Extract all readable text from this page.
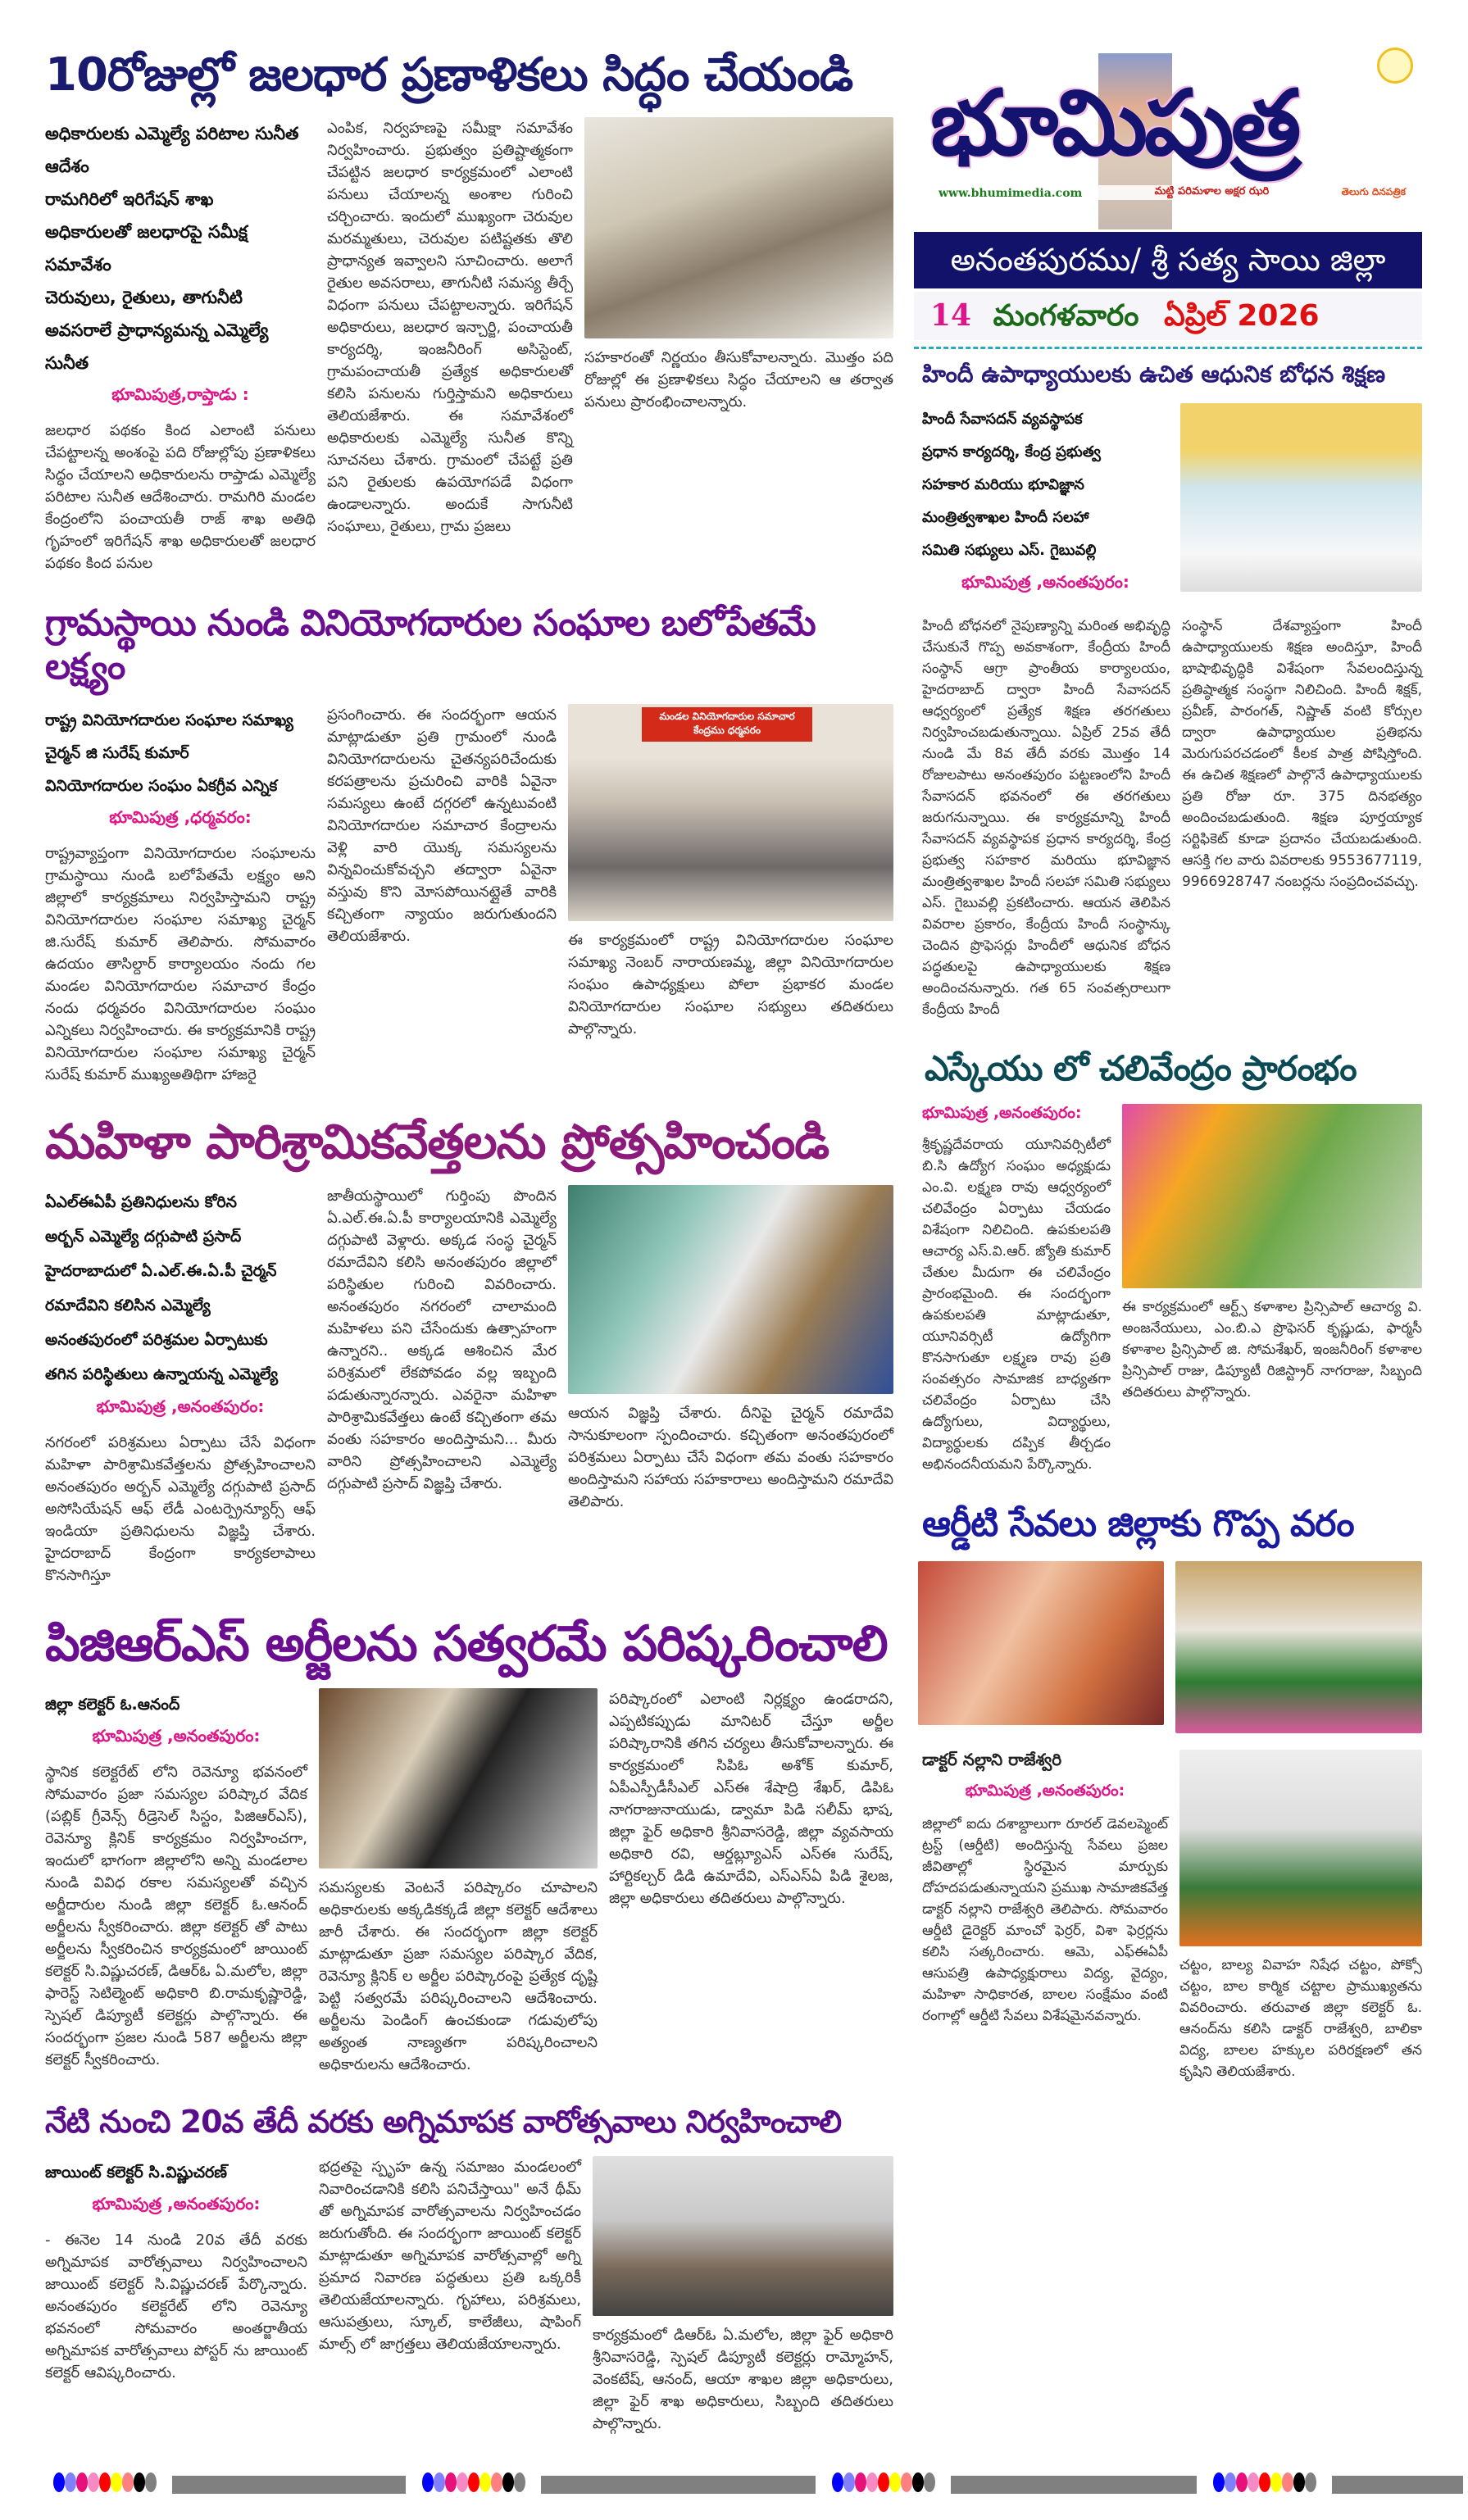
10రోజుల్లో జలధార ప్రణాళికలు సిద్ధం చేయండి
అధికారులకు ఎమ్మెల్యే పరిటాల సునీత ఆదేశం
రామగిరిలో ఇరిగేషన్ శాఖ
అధికారులతో జలధారపై సమీక్ష సమావేశం
చెరువులు, రైతులు, తాగునీటి
అవసరాలే ప్రాధాన్యమన్న ఎమ్మెల్యే సునీత
భూమిపుత్ర,రాప్తాడు :
జలధార పథకం కింద ఎలాంటి పనులు చేపట్టాలన్న అంశంపై పది రోజుల్లోపు ప్రణాళికలు సిద్ధం చేయాలని అధికారులను రాప్తాడు ఎమ్మెల్యే పరిటాల సునీత ఆదేశించారు. రామగిరి మండల కేంద్రంలోని పంచాయతీ రాజ్ శాఖ అతిథి గృహంలో ఇరిగేషన్ శాఖ అధికారులతో జలధార పథకం కింద పనుల
ఎంపిక, నిర్వహణపై సమీక్షా సమావేశం నిర్వహించారు. ప్రభుత్వం ప్రతిష్టాత్మకంగా చేపట్టిన జలధార కార్యక్రమంలో ఎలాంటి పనులు చేయాలన్న అంశాల గురించి చర్చించారు. ఇందులో ముఖ్యంగా చెరువుల మరమ్మతులు, చెరువుల పటిష్టతకు తొలి ప్రాధాన్యత ఇవ్వాలని సూచించారు. అలాగే రైతుల అవసరాలు, తాగునీటి సమస్య తీర్చే విధంగా పనులు చేపట్టాలన్నారు. ఇరిగేషన్ అధికారులు, జలధార ఇన్చార్జి, పంచాయతీ కార్యదర్శి, ఇంజనీరింగ్ అసిస్టెంట్, గ్రామపంచాయతీ ప్రత్యేక అధికారులతో కలిసి పనులను గుర్తిస్తామని అధికారులు తెలియజేశారు. ఈ సమావేశంలో అధికారులకు ఎమ్మెల్యే సునీత కొన్ని సూచనలు చేశారు. గ్రామంలో చేపట్టే ప్రతి పని రైతులకు ఉపయోగపడే విధంగా ఉండాలన్నారు. అందుకే సాగునీటి సంఘాలు, రైతులు, గ్రామ ప్రజలు
సహకారంతో నిర్ణయం తీసుకోవాలన్నారు. మొత్తం పది రోజుల్లో ఈ ప్రణాళికలు సిద్ధం చేయాలని ఆ తర్వాత పనులు ప్రారంభించాలన్నారు.
గ్రామస్థాయి నుండి వినియోగదారుల సంఘాల బలోపేతమే లక్ష్యం
రాష్ట్ర వినియోగదారుల సంఘాల సమాఖ్య
చైర్మన్ జి సురేష్ కుమార్
వినియోగదారుల సంఘం ఏకగ్రీవ ఎన్నిక
భూమిపుత్ర ,ధర్మవరం:
రాష్ట్రవ్యాప్తంగా వినియోగదారుల సంఘాలను గ్రామస్థాయి నుండి బలోపేతమే లక్ష్యం అని జిల్లాలో కార్యక్రమాలు నిర్వహిస్తామని రాష్ట్ర వినియోగదారుల సంఘాల సమాఖ్య చైర్మన్ జి.సురేష్ కుమార్ తెలిపారు. సోమవారం ఉదయం తాసిల్దార్ కార్యాలయం నందు గల మండల వినియోగదారుల సమాచార కేంద్రం నందు ధర్మవరం వినియోగదారుల సంఘం ఎన్నికలు నిర్వహించారు. ఈ కార్యక్రమానికి రాష్ట్ర వినియోగదారుల సంఘాల సమాఖ్య చైర్మన్ సురేష్ కుమార్ ముఖ్యఅతిథిగా హాజరై
ప్రసంగించారు. ఈ సందర్భంగా ఆయన మాట్లాడుతూ ప్రతి గ్రామంలో నుండి వినియోగదారులను చైతన్యపరిచేందుకు కరపత్రాలను ప్రచురించి వారికి ఏవైనా సమస్యలు ఉంటే దగ్గరలో ఉన్నటువంటి వినియోగదారుల సమాచార కేంద్రాలను వెళ్లి వారి యొక్క సమస్యలను విన్నవించుకోవచ్చని తద్వారా ఏవైనా వస్తువు కొని మోసపోయినట్లైతే వారికి కచ్చితంగా న్యాయం జరుగుతుందని తెలియజేశారు.
మండల వినియోగదారుల సమాచార కేంద్రము ధర్మవరం
ఈ కార్యక్రమంలో రాష్ట్ర వినియోగదారుల సంఘాల సమాఖ్య నెంబర్ నారాయణమ్మ, జిల్లా వినియోగదారుల సంఘం ఉపాధ్యక్షులు పోలా ప్రభాకర మండల వినియోగదారుల సంఘాల సభ్యులు తదితరులు పాల్గొన్నారు.
మహిళా పారిశ్రామికవేత్తలను ప్రోత్సహించండి
ఏఎల్ఈఏపీ ప్రతినిధులను కోరిన
అర్బన్ ఎమ్మెల్యే దగ్గుపాటి ప్రసాద్
హైదరాబాదులో ఏ.ఎల్.ఈ.ఏ.పీ చైర్మన్
రమాదేవిని కలిసిన ఎమ్మెల్యే
అనంతపురంలో పరిశ్రమల ఏర్పాటుకు
తగిన పరిస్థితులు ఉన్నాయన్న ఎమ్మెల్యే
భూమిపుత్ర ,అనంతపురం:
నగరంలో పరిశ్రమలు ఏర్పాటు చేసే విధంగా మహిళా పారిశ్రామికవేత్తలను ప్రోత్సహించాలని అనంతపురం అర్బన్ ఎమ్మెల్యే దగ్గుపాటి ప్రసాద్ అసోసియేషన్ ఆఫ్ లేడీ ఎంటర్ప్రెన్యూర్స్ ఆఫ్ ఇండియా ప్రతినిధులను విజ్ఞప్తి చేశారు. హైదరాబాద్ కేంద్రంగా కార్యకలాపాలు కొనసాగిస్తూ
జాతీయస్థాయిలో గుర్తింపు పొందిన ఏ.ఎల్.ఈ.ఏ.పీ కార్యాలయానికి ఎమ్మెల్యే దగ్గుపాటి వెళ్లారు. అక్కడ సంస్థ చైర్మన్ రమాదేవిని కలిసి అనంతపురం జిల్లాలో పరిస్థితుల గురించి వివరించారు. అనంతపురం నగరంలో చాలామంది మహిళలు పని చేసేందుకు ఉత్సాహంగా ఉన్నారని.. అక్కడ ఆశించిన మేర పరిశ్రమలో లేకపోవడం వల్ల ఇబ్బంది పడుతున్నారన్నారు. ఎవరైనా మహిళా పారిశ్రామికవేత్తలు ఉంటే కచ్చితంగా తమ వంతు సహకారం అందిస్తామని... మీరు వారిని ప్రోత్సహించాలని ఎమ్మెల్యే దగ్గుపాటి ప్రసాద్ విజ్ఞప్తి చేశారు.
ఆయన విజ్ఞప్తి చేశారు. దీనిపై చైర్మన్ రమాదేవి సానుకూలంగా స్పందించారు. కచ్చితంగా అనంతపురంలో పరిశ్రమలు ఏర్పాటు చేసే విధంగా తమ వంతు సహకారం అందిస్తామని సహాయ సహకారాలు అందిస్తామని రమాదేవి తెలిపారు.
పిజిఆర్ఎస్ అర్జీలను సత్వరమే పరిష్కరించాలి
జిల్లా కలెక్టర్ ఓ.ఆనంద్
భూమిపుత్ర ,అనంతపురం:
స్థానిక కలెక్టరేట్ లోని రెవెన్యూ భవనంలో సోమవారం ప్రజా సమస్యల పరిష్కార వేదిక (పబ్లిక్ గ్రీవెన్స్ రీడ్రెసెల్ సిస్టం, పిజిఆర్ఎస్), రెవెన్యూ క్లినిక్ కార్యక్రమం నిర్వహించగా, ఇందులో భాగంగా జిల్లాలోని అన్ని మండలాల నుండి వివిధ రకాల సమస్యలతో వచ్చిన అర్జీదారుల నుండి జిల్లా కలెక్టర్ ఓ.ఆనంద్ అర్జీలను స్వీకరించారు. జిల్లా కలెక్టర్ తో పాటు అర్జీలను స్వీకరించిన కార్యక్రమంలో జాయింట్ కలెక్టర్ సి.విష్ణుచరణ్, డిఆర్ఓ ఏ.మలోల, జిల్లా ఫారెస్ట్ సెటిల్మెంట్ అధికారి బి.రామకృష్ణారెడ్డి, స్పెషల్ డిప్యూటీ కలెక్టర్లు పాల్గొన్నారు. ఈ సందర్భంగా ప్రజల నుండి 587 అర్జీలను జిల్లా కలెక్టర్ స్వీకరించారు.
సమస్యలకు వెంటనే పరిష్కారం చూపాలని అధికారులకు అక్కడికక్కడే జిల్లా కలెక్టర్ ఆదేశాలు జారీ చేశారు. ఈ సందర్భంగా జిల్లా కలెక్టర్ మాట్లాడుతూ ప్రజా సమస్యల పరిష్కార వేదిక, రెవెన్యూ క్లినిక్ ల అర్జీల పరిష్కారంపై ప్రత్యేక దృష్టి పెట్టి సత్వరమే పరిష్కరించాలని ఆదేశించారు. అర్జీలను పెండింగ్ ఉంచకుండా గడువులోపు అత్యంత నాణ్యతగా పరిష్కరించాలని అధికారులను ఆదేశించారు.
పరిష్కారంలో ఎలాంటి నిర్లక్ష్యం ఉండరాదని, ఎప్పటికప్పుడు మానిటర్ చేస్తూ అర్జీల పరిష్కారానికి తగిన చర్యలు తీసుకోవాలన్నారు. ఈ కార్యక్రమంలో సిపిఓ అశోక్ కుమార్, ఏపీఎస్పీడీసీఎల్ ఎస్ఈ శేషాద్రి శేఖర్, డిపిఓ నాగరాజునాయుడు, డ్వామా పిడి సలీమ్ భాష, జిల్లా ఫైర్ అధికారి శ్రీనివాసరెడ్డి, జిల్లా వ్యవసాయ అధికారి రవి, ఆర్డబ్ల్యూఎస్ ఎస్ఈ సురేష్, హార్టికల్చర్ డిడి ఉమాదేవి, ఎస్ఎస్ఏ పిడి శైలజ, జిల్లా అధికారులు తదితరులు పాల్గొన్నారు.
నేటి నుంచి 20వ తేదీ వరకు అగ్నిమాపక వారోత్సవాలు నిర్వహించాలి
జాయింట్ కలెక్టర్ సి.విష్ణుచరణ్
భూమిపుత్ర ,అనంతపురం:
- ఈనెల 14 నుండి 20వ తేదీ వరకు అగ్నిమాపక వారోత్సవాలు నిర్వహించాలని జాయింట్ కలెక్టర్ సి.విష్ణుచరణ్ పేర్కొన్నారు. అనంతపురం కలెక్టరేట్ లోని రెవెన్యూ భవనంలో సోమవారం అంతర్జాతీయ అగ్నిమాపక వారోత్సవాలు పోస్టర్ ను జాయింట్ కలెక్టర్ ఆవిష్కరించారు.
భద్రతపై స్పృహ ఉన్న సమాజం మండలంలో నివారించడానికి కలిసి పనిచేస్తాయి" అనే థీమ్ తో అగ్నిమాపక వారోత్సవాలను నిర్వహించడం జరుగుతోంది. ఈ సందర్భంగా జాయింట్ కలెక్టర్ మాట్లాడుతూ అగ్నిమాపక వారోత్సవాల్లో అగ్ని ప్రమాద నివారణ పద్ధతులు ప్రతి ఒక్కరికీ తెలియజేయాలన్నారు. గృహాలు, పరిశ్రమలు, ఆసుపత్రులు, స్కూల్, కాలేజీలు, షాపింగ్ మాల్స్ లో జాగ్రత్తలు తెలియజేయాలన్నారు.
కార్యక్రమంలో డిఆర్ఓ ఏ.మలోల, జిల్లా ఫైర్ అధికారి శ్రీనివాసరెడ్డి, స్పెషల్ డిప్యూటీ కలెక్టర్లు రామ్మోహన్, వెంకటేష్, ఆనంద్, ఆయా శాఖల జిల్లా అధికారులు, జిల్లా ఫైర్ శాఖ అధికారులు, సిబ్బంది తదితరులు పాల్గొన్నారు.
భూమిపుత్ర
www.bhumimedia.com	మట్టి పరిమళాల అక్షర ఝరి	తెలుగు దినపత్రిక
అనంతపురము/ శ్రీ సత్య సాయి జిల్లా
14 మంగళవారం ఏప్రిల్ 2026
హిందీ ఉపాధ్యాయులకు ఉచిత ఆధునిక బోధన శిక్షణ
హిందీ సేవాసదన్ వ్యవస్థాపక
ప్రధాన కార్యదర్శి, కేంద్ర ప్రభుత్వ
సహకార మరియు భూవిజ్ఞాన
మంత్రిత్వశాఖల హిందీ సలహా
సమితి సభ్యులు ఎస్. గైబువల్లి
భూమిపుత్ర ,అనంతపురం:
హిందీ బోధనలో నైపుణ్యాన్ని మరింత అభివృద్ధి చేసుకునే గొప్ప అవకాశంగా, కేంద్రీయ హిందీ సంస్థాన్ ఆగ్రా ప్రాంతీయ కార్యాలయం, హైదరాబాద్ ద్వారా హిందీ సేవాసదన్ ఆధ్వర్యంలో ప్రత్యేక శిక్షణ తరగతులు నిర్వహించబడుతున్నాయి. ఏప్రిల్ 25వ తేదీ నుండి మే 8వ తేదీ వరకు మొత్తం 14 రోజులపాటు అనంతపురం పట్టణంలోని హిందీ సేవాసదన్ భవనంలో ఈ తరగతులు జరుగనున్నాయి. ఈ కార్యక్రమాన్ని హిందీ సేవాసదన్ వ్యవస్థాపక ప్రధాన కార్యదర్శి, కేంద్ర ప్రభుత్వ సహకార మరియు భూవిజ్ఞాన మంత్రిత్వశాఖల హిందీ సలహా సమితి సభ్యులు ఎస్. గైబువల్లి ప్రకటించారు. ఆయన తెలిపిన వివరాల ప్రకారం, కేంద్రీయ హిందీ సంస్థాన్కు చెందిన ప్రొఫెసర్లు హిందీలో ఆధునిక బోధన పద్ధతులపై ఉపాధ్యాయులకు శిక్షణ అందించనున్నారు. గత 65 సంవత్సరాలుగా కేంద్రీయ హిందీ
సంస్థాన్ దేశవ్యాప్తంగా హిందీ ఉపాధ్యాయులకు శిక్షణ అందిస్తూ, హిందీ భాషాభివృద్ధికి విశేషంగా సేవలందిస్తున్న ప్రతిష్ఠాత్మక సంస్థగా నిలిచింది. హిందీ శిక్షక్, ప్రవీణ్, పారంగత్, నిష్ణాత్ వంటి కోర్సుల ద్వారా ఉపాధ్యాయుల ప్రతిభను మెరుగుపరచడంలో కీలక పాత్ర పోషిస్తోంది. ఈ ఉచిత శిక్షణలో పాల్గొనే ఉపాధ్యాయులకు ప్రతి రోజు రూ. 375 దినభత్యం అందించబడుతుంది. శిక్షణ పూర్తయ్యాక సర్టిఫికెట్ కూడా ప్రదానం చేయబడుతుంది. ఆసక్తి గల వారు వివరాలకు 9553677119, 9966928747 నంబర్లను సంప్రదించవచ్చు.
ఎస్కేయు లో చలివేంద్రం ప్రారంభం
భూమిపుత్ర ,అనంతపురం:
శ్రీకృష్ణదేవరాయ యూనివర్సిటీలో బి.సి ఉద్యోగ సంఘం అధ్యక్షుడు ఎం.వి. లక్ష్మణ రావు ఆధ్వర్యంలో చలివేంద్రం ఏర్పాటు చేయడం విశేషంగా నిలిచింది. ఉపకులపతి ఆచార్య ఎస్.వి.ఆర్. జ్యోతి కుమార్ చేతుల మీదుగా ఈ చలివేంద్రం ప్రారంభమైంది. ఈ సందర్భంగా ఉపకులపతి మాట్లాడుతూ, యూనివర్సిటీ ఉద్యోగిగా కొనసాగుతూ లక్ష్మణ రావు ప్రతి సంవత్సరం సామాజిక బాధ్యతగా చలివేంద్రం ఏర్పాటు చేసి ఉద్యోగులు, విద్యార్థులు, విద్యార్థులకు దప్పిక తీర్చడం అభినందనీయమని పేర్కొన్నారు.
ఈ కార్యక్రమంలో ఆర్ట్స్ కళాశాల ప్రిన్సిపాల్ ఆచార్య వి. అంజనేయులు, ఎం.బి.ఎ ప్రొఫెసర్ కృష్ణుడు, ఫార్మసీ కళాశాల ప్రిన్సిపాల్ జి. సోమశేఖర్, ఇంజనీరింగ్ కళాశాల ప్రిన్సిపాల్ రాజు, డిప్యూటీ రిజిస్ట్రార్ నాగరాజు, సిబ్బంది తదితరులు పాల్గొన్నారు.
ఆర్డీటి సేవలు జిల్లాకు గొప్ప వరం
డాక్టర్ నల్లాని రాజేశ్వరి
భూమిపుత్ర ,అనంతపురం:
జిల్లాలో ఐదు దశాబ్దాలుగా రూరల్ డెవలప్మెంట్ ట్రస్ట్ (ఆర్డీటి) అందిస్తున్న సేవలు ప్రజల జీవితాల్లో స్థిరమైన మార్పుకు దోహదపడుతున్నాయని ప్రముఖ సామాజికవేత్త డాక్టర్ నల్లాని రాజేశ్వరి తెలిపారు. సోమవారం ఆర్డీటి డైరెక్టర్ మాంచో ఫెర్రర్, విశా ఫెర్రర్లను కలిసి సత్కరించారు. ఆమె, ఎఫ్ఈఏపీ ఆసుపత్రి ఉపాధ్యక్షురాలు విద్య, వైద్యం, మహిళా సాధికారత, బాలల సంక్షేమం వంటి రంగాల్లో ఆర్డీటి సేవలు విశేషమైనవన్నారు.
చట్టం, బాల్య వివాహ నిషేధ చట్టం, పోక్సో చట్టం, బాల కార్మిక చట్టాల ప్రాముఖ్యతను వివరించారు. తరువాత జిల్లా కలెక్టర్ ఓ. ఆనంద్‌ను కలిసి డాక్టర్ రాజేశ్వరి, బాలికా విద్య, బాలల హక్కుల పరిరక్షణలో తన కృషిని తెలియజేశారు.
